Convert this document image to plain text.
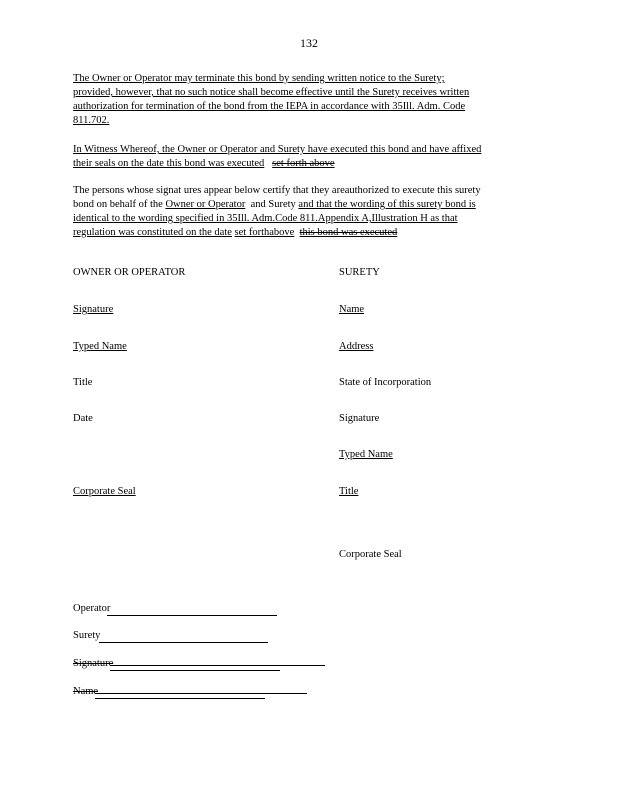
132
The Owner or Operator may terminate this bond by sending written notice to the Surety;
provided, however, that no such notice shall become effective until the Surety receives written
authorization for termination of the bond from the IEPA in accordance with 35Ill. Adm. Code
811.702.
In Witness Whereof, the Owner or Operator and Surety have executed this bond and have affixed
their seals on the date this bond was executed set forth above
The persons whose signat ures appear below certify that they areauthorized to execute this surety
bond on behalf of the Owner or Operator and Surety and that the wording of this surety bond is
identical to the wording specified in 35Ill. Adm.Code 811.Appendix A,Illustration H as that
regulation was constituted on the date set forthabove this bond was executed
OWNER OR OPERATOR
Signature
Typed Name
Title
Date
Corporate Seal
SURETY
Name
Address
State of Incorporation
Signature
Typed Name
Title
Corporate Seal
Operator
Surety
Signature
Name
